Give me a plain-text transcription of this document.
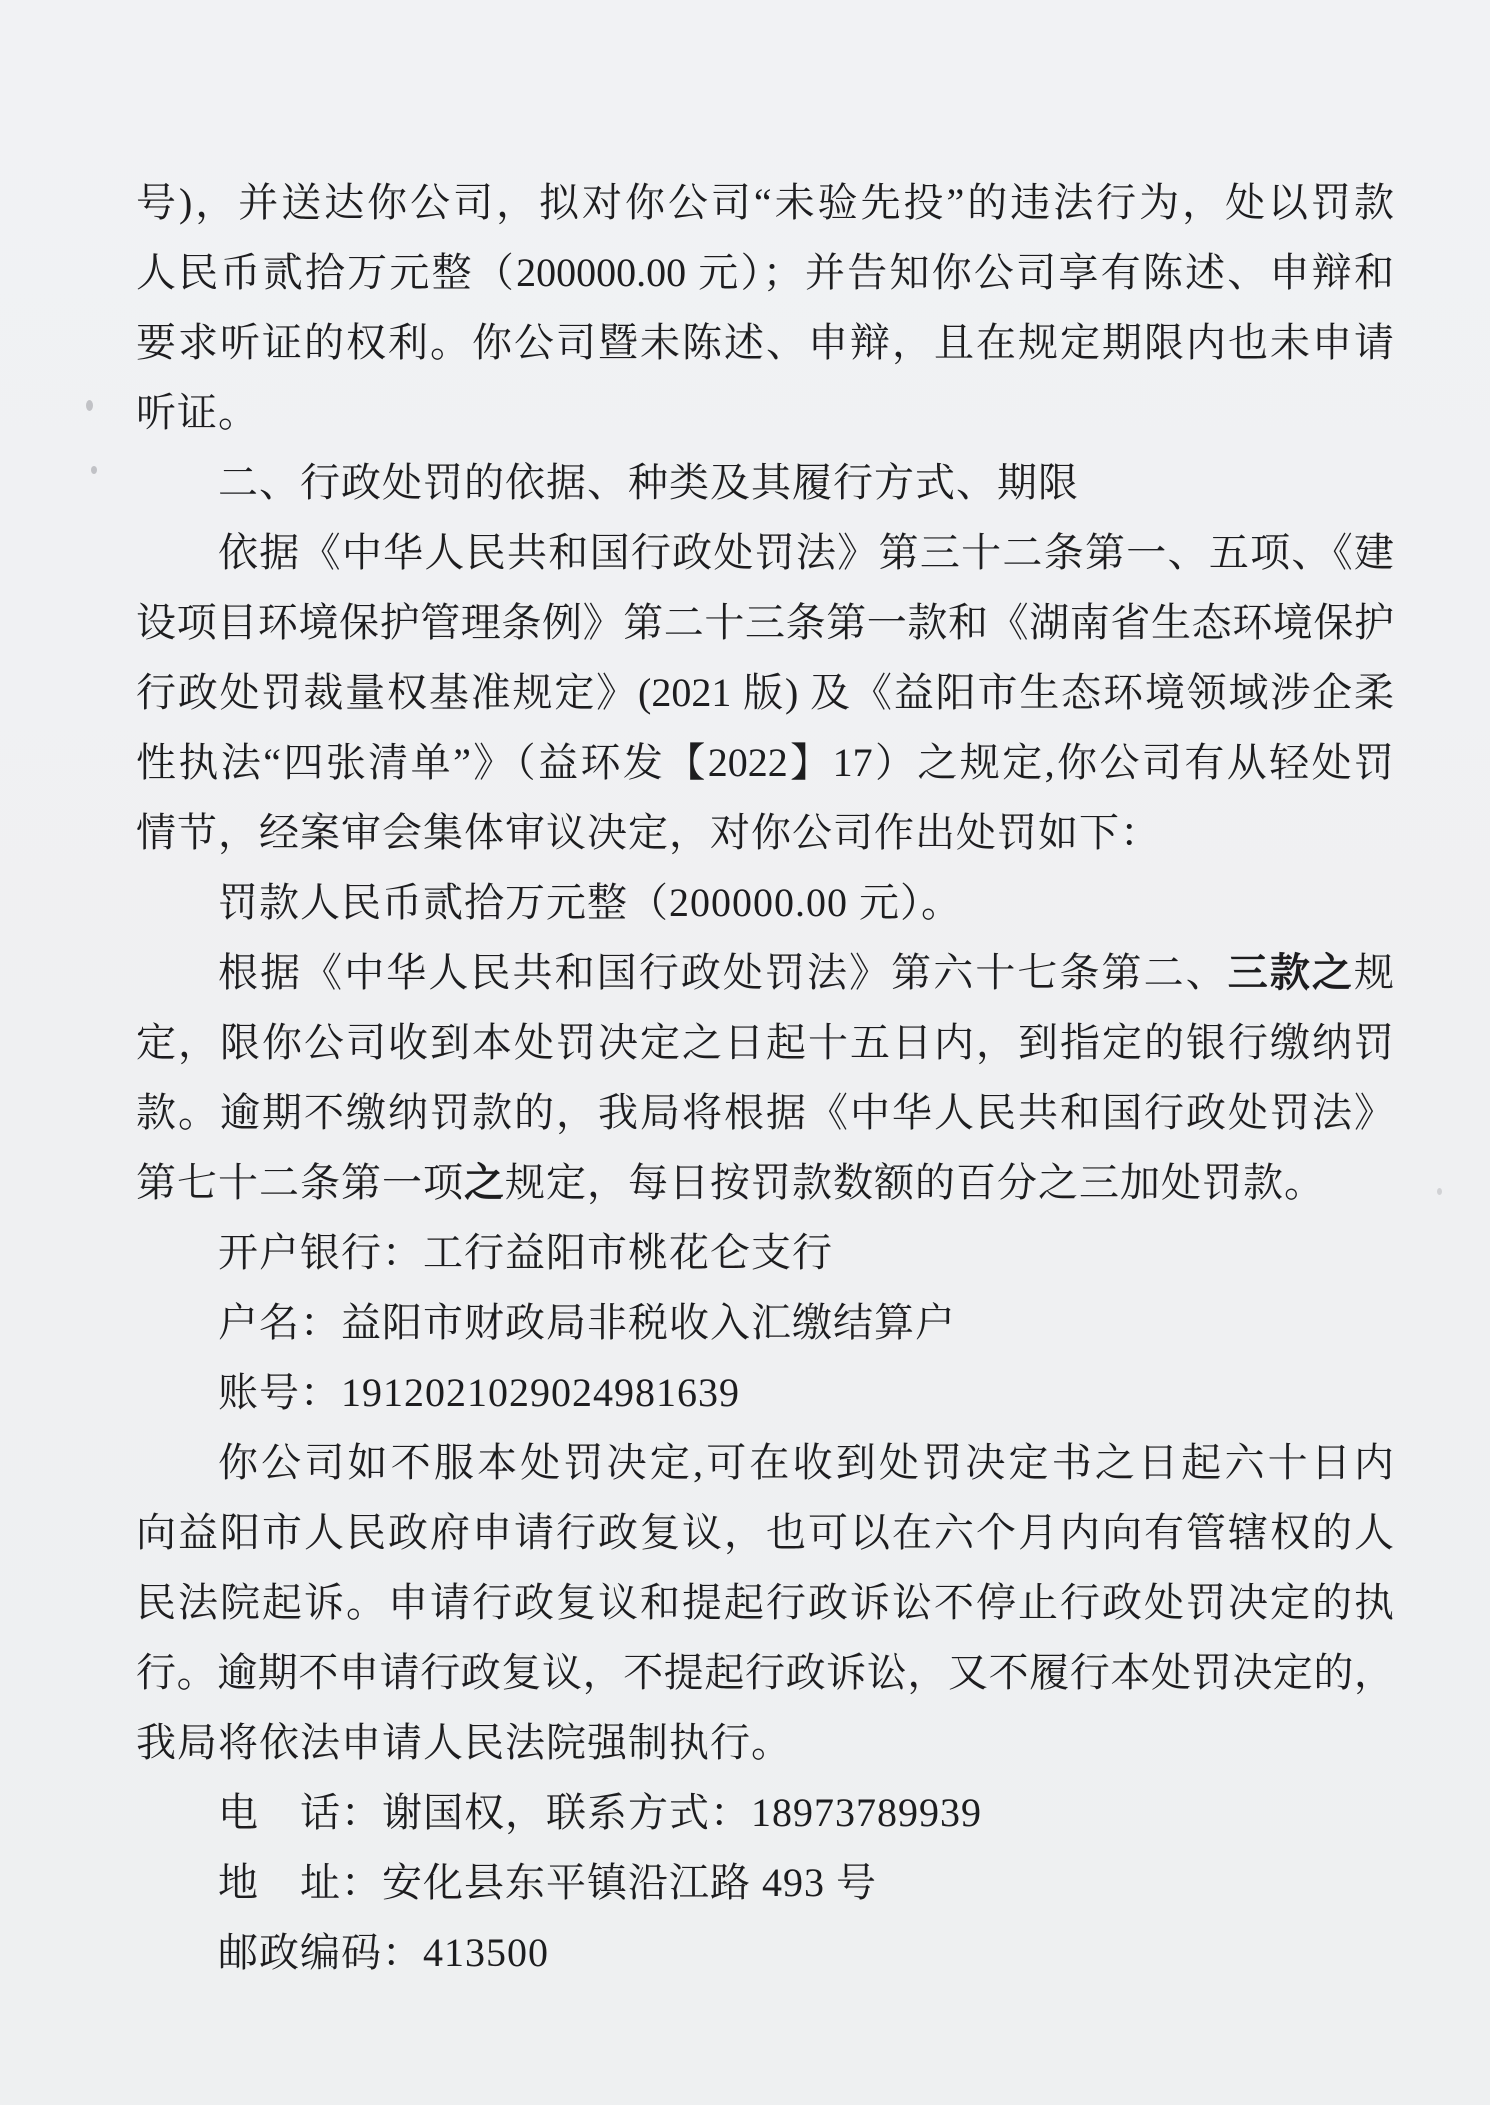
号)，并送达你公司，拟对你公司“未验先投”的违法行为，处以罚款
人民币贰拾万元整（200000.00 元）；并告知你公司享有陈述、申辩和
要求听证的权利。你公司暨未陈述、申辩，且在规定期限内也未申请
听证。
二、行政处罚的依据、种类及其履行方式、期限
依据《中华人民共和国行政处罚法》第三十二条第一、五项、《建
设项目环境保护管理条例》第二十三条第一款和《湖南省生态环境保护
行政处罚裁量权基准规定》(2021 版) 及《益阳市生态环境领域涉企柔
性执法“四张清单”》（益环发【2022】17）之规定,你公司有从轻处罚
情节，经案审会集体审议决定，对你公司作出处罚如下：
罚款人民币贰拾万元整（200000.00 元）。
根据《中华人民共和国行政处罚法》第六十七条第二、三款之规
定，限你公司收到本处罚决定之日起十五日内，到指定的银行缴纳罚
款。逾期不缴纳罚款的，我局将根据《中华人民共和国行政处罚法》
第七十二条第一项之规定，每日按罚款数额的百分之三加处罚款。
开户银行：工行益阳市桃花仑支行
户名：益阳市财政局非税收入汇缴结算户
账号：1912021029024981639
你公司如不服本处罚决定,可在收到处罚决定书之日起六十日内
向益阳市人民政府申请行政复议，也可以在六个月内向有管辖权的人
民法院起诉。申请行政复议和提起行政诉讼不停止行政处罚决定的执
行。逾期不申请行政复议，不提起行政诉讼，又不履行本处罚决定的，
我局将依法申请人民法院强制执行。
电　话：谢国权，联系方式：18973789939
地　址：安化县东平镇沿江路 493 号
邮政编码：413500
